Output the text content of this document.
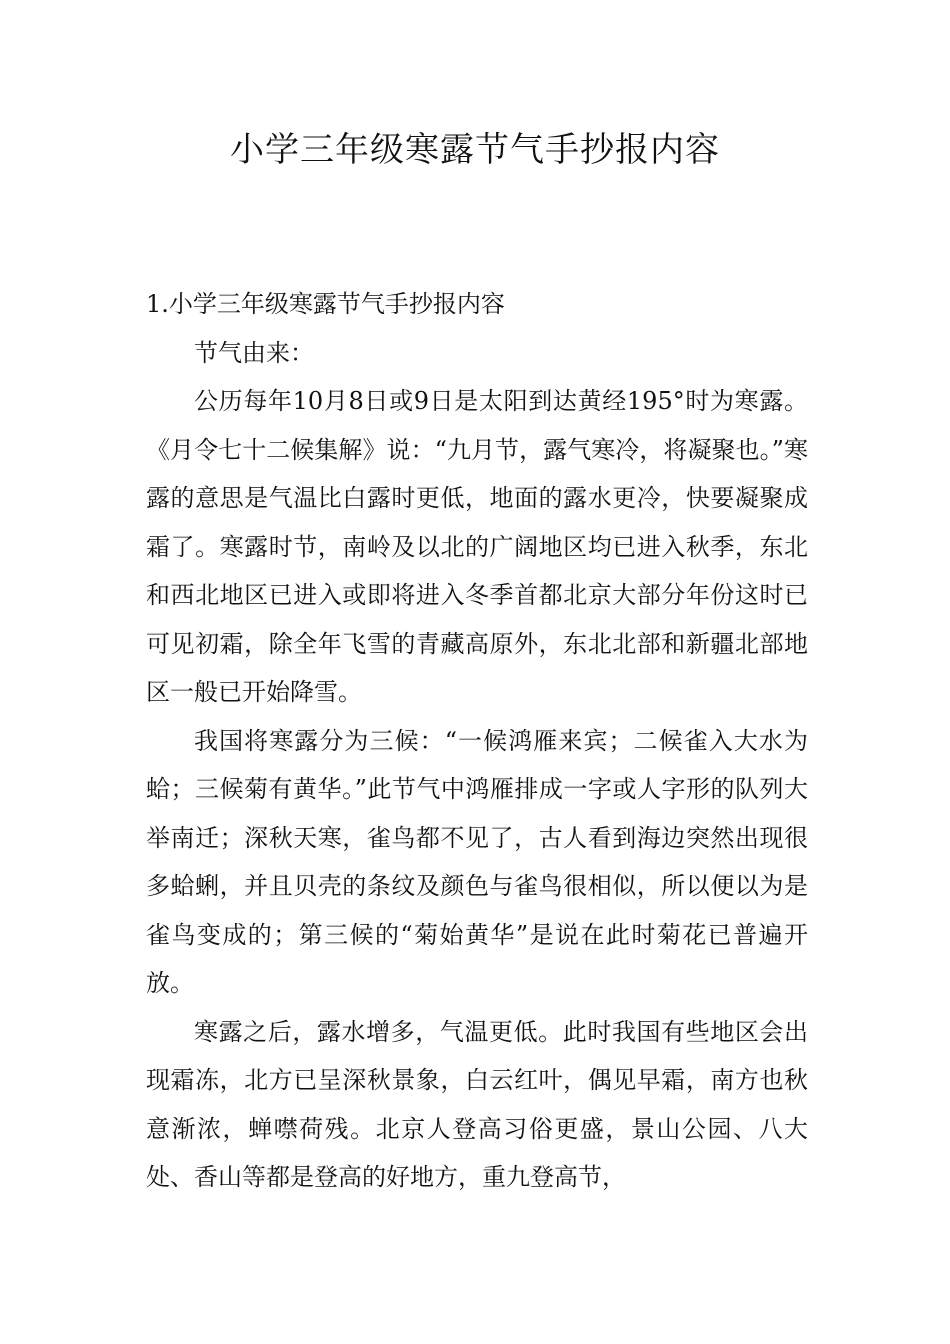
小学三年级寒露节气手抄报内容

1.小学三年级寒露节气手抄报内容

节气由来：

公历每年10月8日或9日是太阳到达黄经195°时为寒露。《月令七十二候集解》说：“九月节，露气寒冷，将凝聚也。”寒露的意思是气温比白露时更低，地面的露水更冷，快要凝聚成霜了。寒露时节，南岭及以北的广阔地区均已进入秋季，东北和西北地区已进入或即将进入冬季首都北京大部分年份这时已可见初霜，除全年飞雪的青藏高原外，东北北部和新疆北部地区一般已开始降雪。

我国将寒露分为三候：“一候鸿雁来宾；二候雀入大水为蛤；三候菊有黄华。”此节气中鸿雁排成一字或人字形的队列大举南迁；深秋天寒，雀鸟都不见了，古人看到海边突然出现很多蛤蜊，并且贝壳的条纹及颜色与雀鸟很相似，所以便以为是雀鸟变成的；第三候的“菊始黄华”是说在此时菊花已普遍开放。

寒露之后，露水增多，气温更低。此时我国有些地区会出现霜冻，北方已呈深秋景象，白云红叶，偶见早霜，南方也秋意渐浓，蝉噤荷残。北京人登高习俗更盛，景山公园、八大处、香山等都是登高的好地方，重九登高节，
